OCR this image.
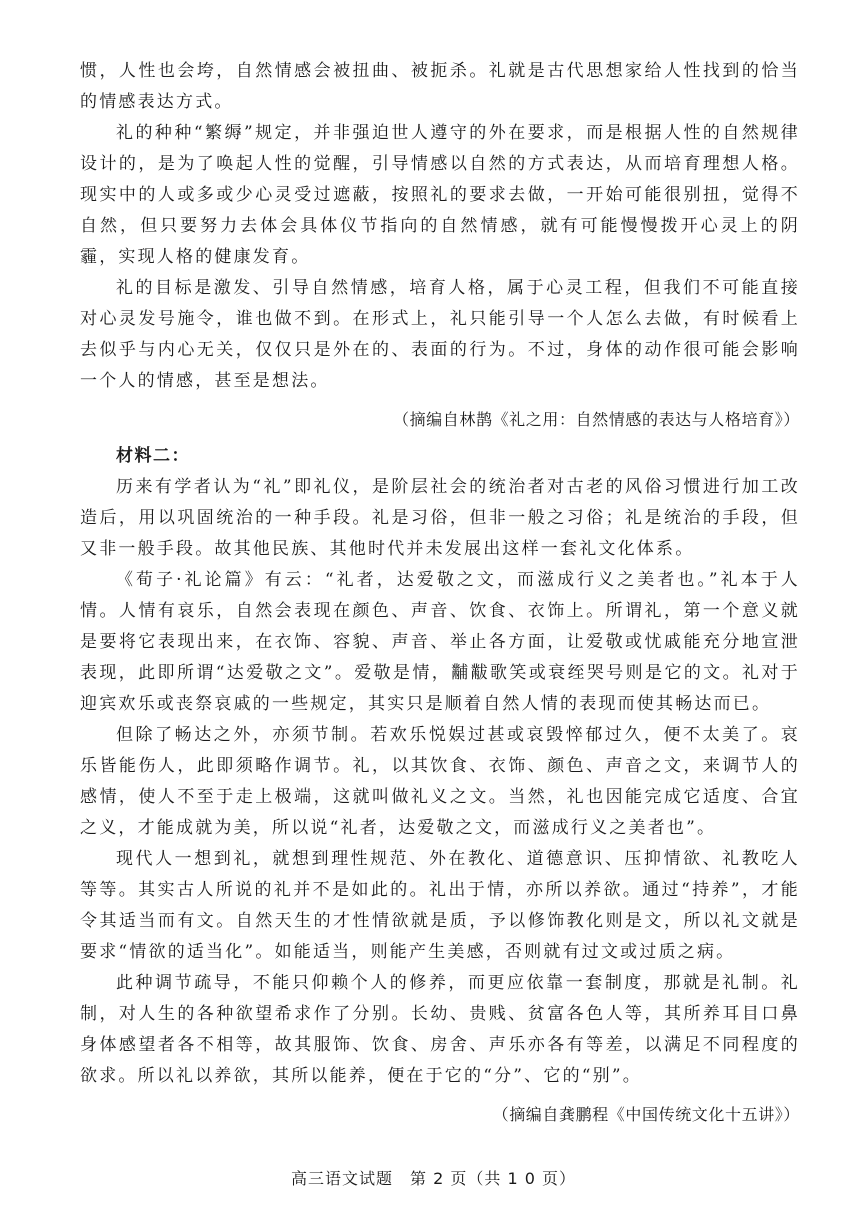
惯，人性也会垮，自然情感会被扭曲、被扼杀。礼就是古代思想家给人性找到的恰当的情感表达方式。

礼的种种“繁缛”规定，并非强迫世人遵守的外在要求，而是根据人性的自然规律设计的，是为了唤起人性的觉醒，引导情感以自然的方式表达，从而培育理想人格。现实中的人或多或少心灵受过遮蔽，按照礼的要求去做，一开始可能很别扭，觉得不自然，但只要努力去体会具体仪节指向的自然情感，就有可能慢慢拨开心灵上的阴霾，实现人格的健康发育。

礼的目标是激发、引导自然情感，培育人格，属于心灵工程，但我们不可能直接对心灵发号施令，谁也做不到。在形式上，礼只能引导一个人怎么去做，有时候看上去似乎与内心无关，仅仅只是外在的、表面的行为。不过，身体的动作很可能会影响一个人的情感，甚至是想法。

（摘编自林鹊《礼之用：自然情感的表达与人格培育》）
材料二：

历来有学者认为“礼”即礼仪，是阶层社会的统治者对古老的风俗习惯进行加工改造后，用以巩固统治的一种手段。礼是习俗，但非一般之习俗；礼是统治的手段，但又非一般手段。故其他民族、其他时代并未发展出这样一套礼文化体系。

《荀子·礼论篇》有云：“礼者，达爱敬之文，而滋成行义之美者也。”礼本于人情。人情有哀乐，自然会表现在颜色、声音、饮食、衣饰上。所谓礼，第一个意义就是要将它表现出来，在衣饰、容貌、声音、举止各方面，让爱敬或忧戚能充分地宣泄表现，此即所谓“达爱敬之文”。爱敬是情，黼黻歌笑或衰绖哭号则是它的文。礼对于迎宾欢乐或丧祭哀戚的一些规定，其实只是顺着自然人情的表现而使其畅达而已。

但除了畅达之外，亦须节制。若欢乐悦娱过甚或哀毁悴郁过久，便不太美了。哀乐皆能伤人，此即须略作调节。礼，以其饮食、衣饰、颜色、声音之文，来调节人的感情，使人不至于走上极端，这就叫做礼义之文。当然，礼也因能完成它适度、合宜之义，才能成就为美，所以说“礼者，达爱敬之文，而滋成行义之美者也”。

现代人一想到礼，就想到理性规范、外在教化、道德意识、压抑情欲、礼教吃人等等。其实古人所说的礼并不是如此的。礼出于情，亦所以养欲。通过“持养”，才能令其适当而有文。自然天生的才性情欲就是质，予以修饰教化则是文，所以礼文就是要求“情欲的适当化”。如能适当，则能产生美感，否则就有过文或过质之病。

此种调节疏导，不能只仰赖个人的修养，而更应依靠一套制度，那就是礼制。礼制，对人生的各种欲望希求作了分别。长幼、贵贱、贫富各色人等，其所养耳目口鼻身体感望者各不相等，故其服饰、饮食、房舍、声乐亦各有等差，以满足不同程度的欲求。所以礼以养欲，其所以能养，便在于它的“分”、它的“别”。

（摘编自龚鹏程《中国传统文化十五讲》）
高三语文试题　第 2 页（共 1 0 页）
